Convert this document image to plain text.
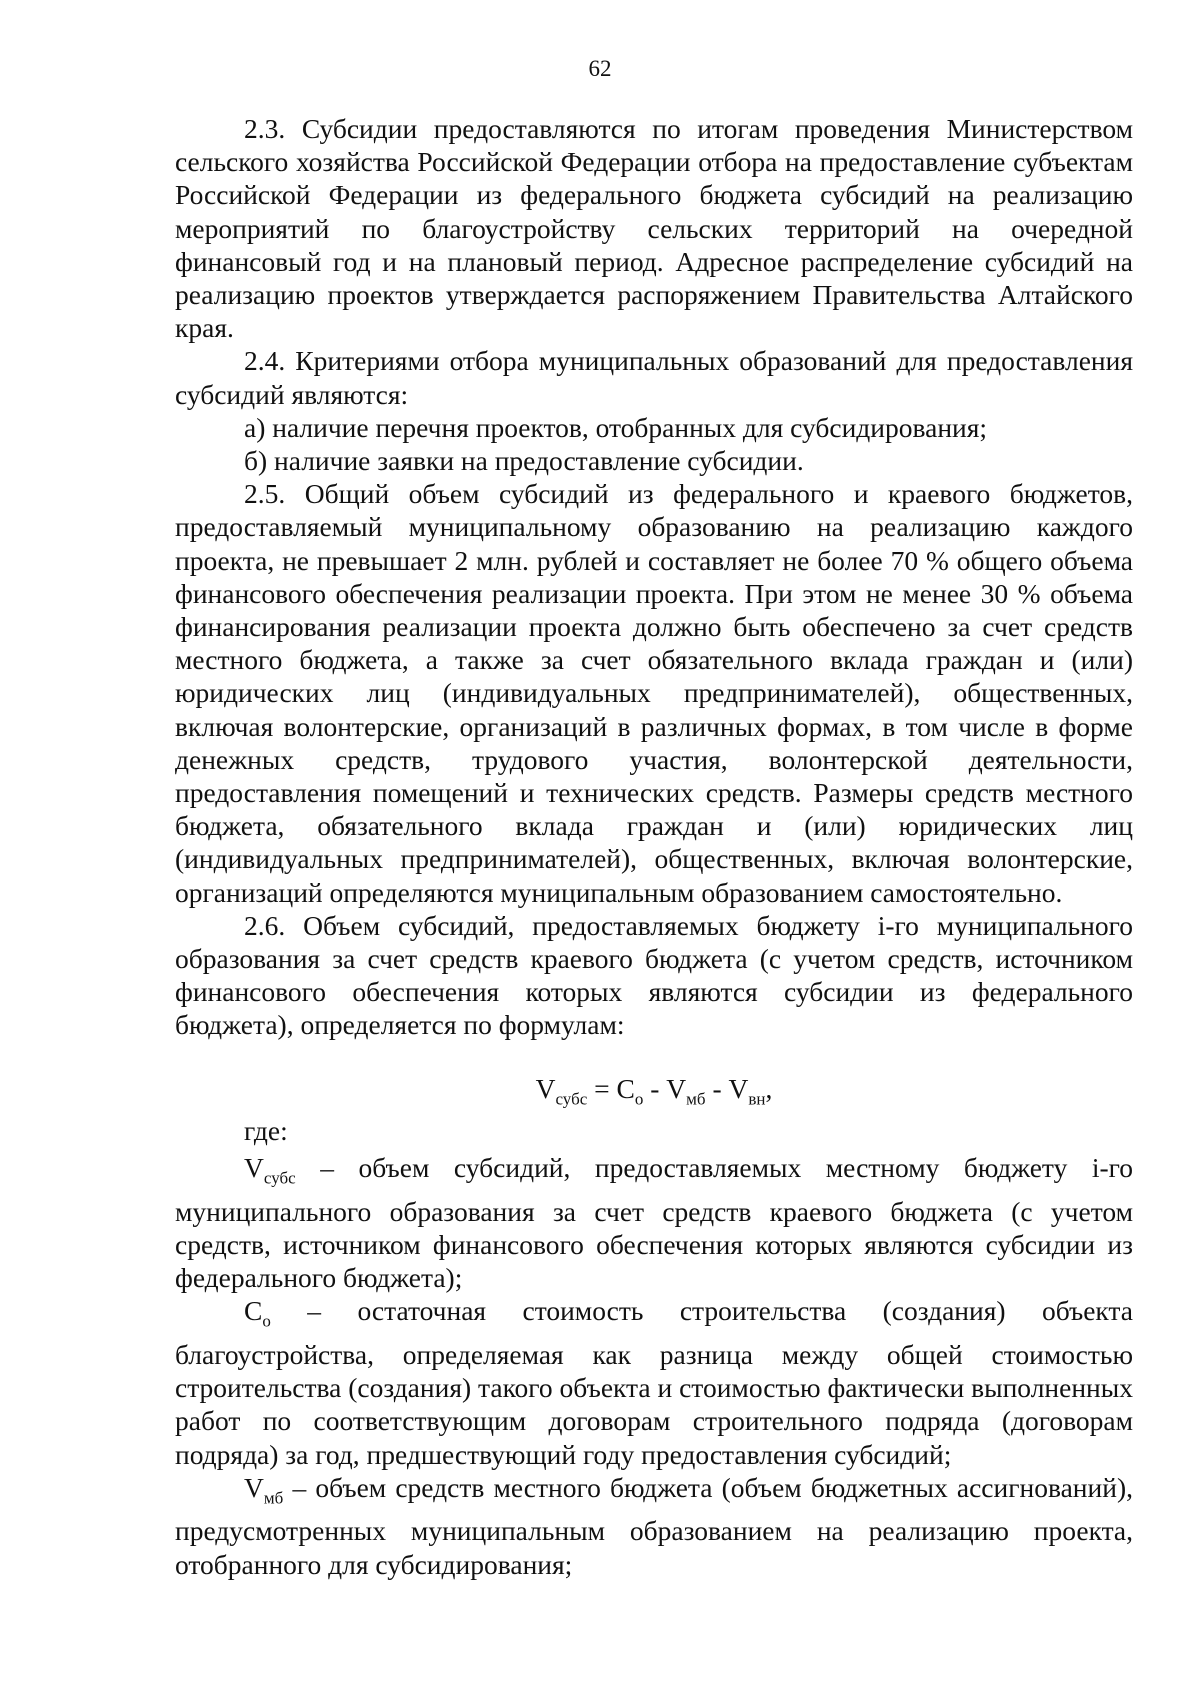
62

2.3. Субсидии предоставляются по итогам проведения Министерством сельского хозяйства Российской Федерации отбора на предоставление субъектам Российской Федерации из федерального бюджета субсидий на реализацию мероприятий по благоустройству сельских территорий на очередной финансовый год и на плановый период. Адресное распределение субсидий на реализацию проектов утверждается распоряжением Правительства Алтайского края.

2.4. Критериями отбора муниципальных образований для предоставления субсидий являются:

а) наличие перечня проектов, отобранных для субсидирования;

б) наличие заявки на предоставление субсидии.

2.5. Общий объем субсидий из федерального и краевого бюджетов, предоставляемый муниципальному образованию на реализацию каждого проекта, не превышает 2 млн. рублей и составляет не более 70 % общего объема финансового обеспечения реализации проекта. При этом не менее 30 % объема финансирования реализации проекта должно быть обеспечено за счет средств местного бюджета, а также за счет обязательного вклада граждан и (или) юридических лиц (индивидуальных предпринимателей), общественных, включая волонтерские, организаций в различных формах, в том числе в форме денежных средств, трудового участия, волонтерской деятельности, предоставления помещений и технических средств. Размеры средств местного бюджета, обязательного вклада граждан и (или) юридических лиц (индивидуальных предпринимателей), общественных, включая волонтерские, организаций определяются муниципальным образованием самостоятельно.

2.6. Объем субсидий, предоставляемых бюджету i-го муниципального образования за счет средств краевого бюджета (с учетом средств, источником финансового обеспечения которых являются субсидии из федерального бюджета), определяется по формулам:

$V_{субс} = C_о - V_{мб} - V_{вн}$,
где:

$V_{субс}$ – объем субсидий, предоставляемых местному бюджету i-го муниципального образования за счет средств краевого бюджета (с учетом средств, источником финансового обеспечения которых являются субсидии из федерального бюджета);

$C_о$ – остаточная стоимость строительства (создания) объекта благоустройства, определяемая как разница между общей стоимостью строительства (создания) такого объекта и стоимостью фактически выполненных работ по соответствующим договорам строительного подряда (договорам подряда) за год, предшествующий году предоставления субсидий;

$V_{мб}$ – объем средств местного бюджета (объем бюджетных ассигнований), предусмотренных муниципальным образованием на реализацию проекта, отобранного для субсидирования;
